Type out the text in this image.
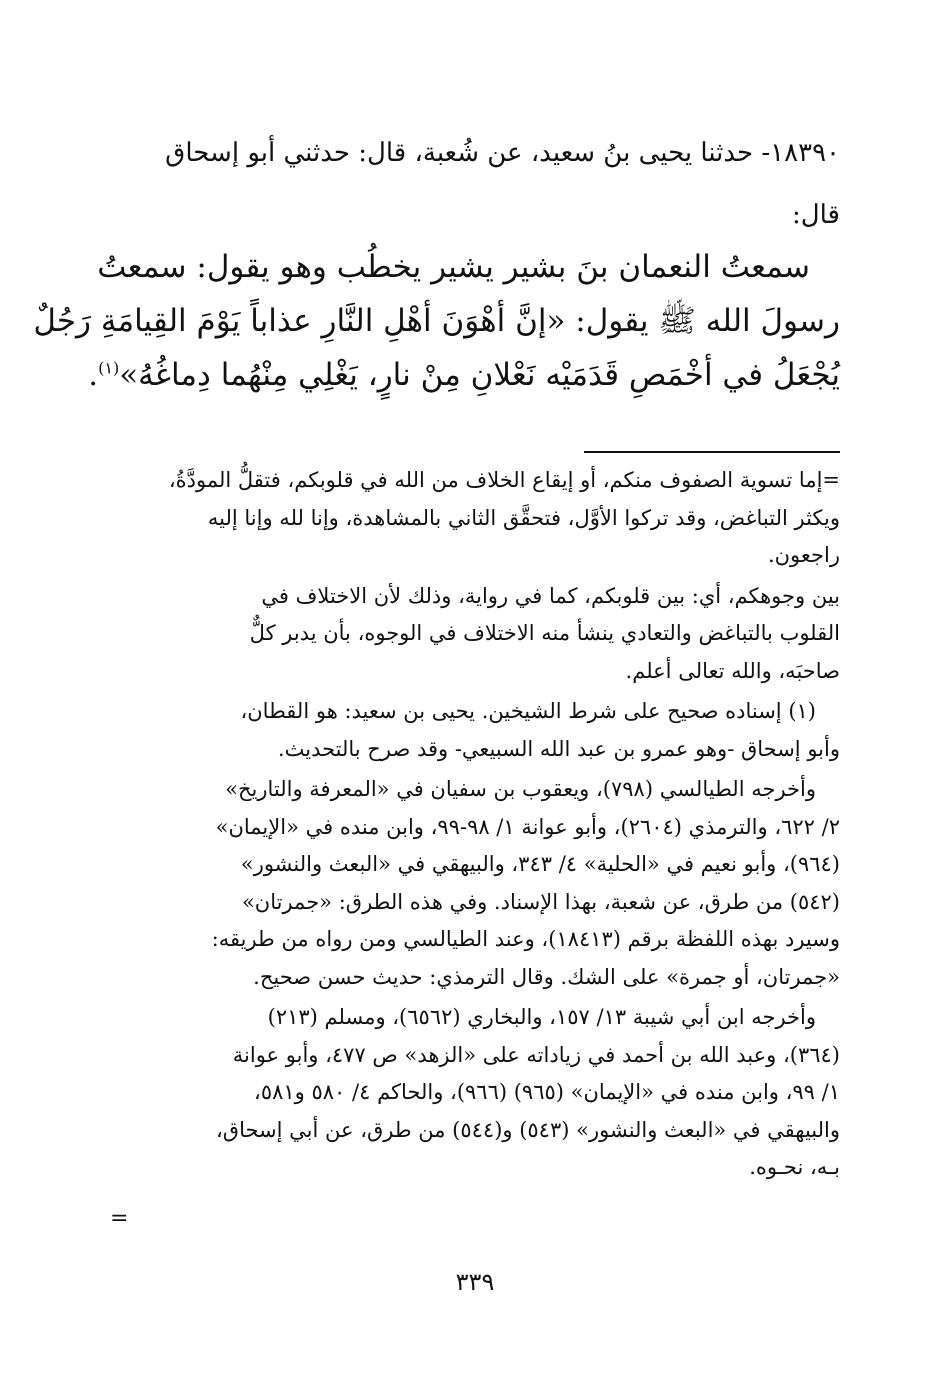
١٨٣٩٠- حدثنا يحيى بنُ سعيد، عن شُعبة، قال: حدثني أبو إسحاق
قال:
سمعتُ النعمان بنَ بشير يشير يخطُب وهو يقول: سمعتُ
رسولَ الله ﷺ يقول: «إنَّ أهْوَنَ أهْلِ النَّارِ عذاباً يَوْمَ القِيامَةِ رَجُلٌ
يُجْعَلُ في أخْمَصِ قَدَمَيْه نَعْلانِ مِنْ نارٍ، يَغْلِي مِنْهُما دِماغُهُ»$^{(١)}$.
=إما تسوية الصفوف منكم، أو إيقاع الخلاف من الله في قلوبكم، فتقلُّ المودَّةُ،
ويكثر التباغض، وقد تركوا الأوَّل، فتحقَّق الثاني بالمشاهدة، وإنا لله وإنا إليه
راجعون.
بين وجوهكم، أي: بين قلوبكم، كما في رواية، وذلك لأن الاختلاف في
القلوب بالتباغض والتعادي ينشأ منه الاختلاف في الوجوه، بأن يدبر كلٌّ
صاحبَه، والله تعالى أعلم.
(١) إسناده صحيح على شرط الشيخين. يحيى بن سعيد: هو القطان،
وأبو إسحاق -وهو عمرو بن عبد الله السبيعي- وقد صرح بالتحديث.
وأخرجه الطيالسي (٧٩٨)، ويعقوب بن سفيان في «المعرفة والتاريخ»
٢/ ٦٢٢، والترمذي (٢٦٠٤)، وأبو عوانة ١/ ٩٨-٩٩، وابن منده في «الإيمان»
(٩٦٤)، وأبو نعيم في «الحلية» ٤/ ٣٤٣، والبيهقي في «البعث والنشور»
(٥٤٢) من طرق، عن شعبة، بهذا الإسناد. وفي هذه الطرق: «جمرتان»
وسيرد بهذه اللفظة برقم (١٨٤١٣)، وعند الطيالسي ومن رواه من طريقه:
«جمرتان، أو جمرة» على الشك. وقال الترمذي: حديث حسن صحيح.
وأخرجه ابن أبي شيبة ١٣/ ١٥٧، والبخاري (٦٥٦٢)، ومسلم (٢١٣)
(٣٦٤)، وعبد الله بن أحمد في زياداته على «الزهد» ص ٤٧٧، وأبو عوانة
١/ ٩٩، وابن منده في «الإيمان» (٩٦٥) (٩٦٦)، والحاكم ٤/ ٥٨٠ و٥٨١،
والبيهقي في «البعث والنشور» (٥٤٣) و(٥٤٤) من طرق، عن أبي إسحاق،
بـه، نحـوه.
=
٣٣٩
